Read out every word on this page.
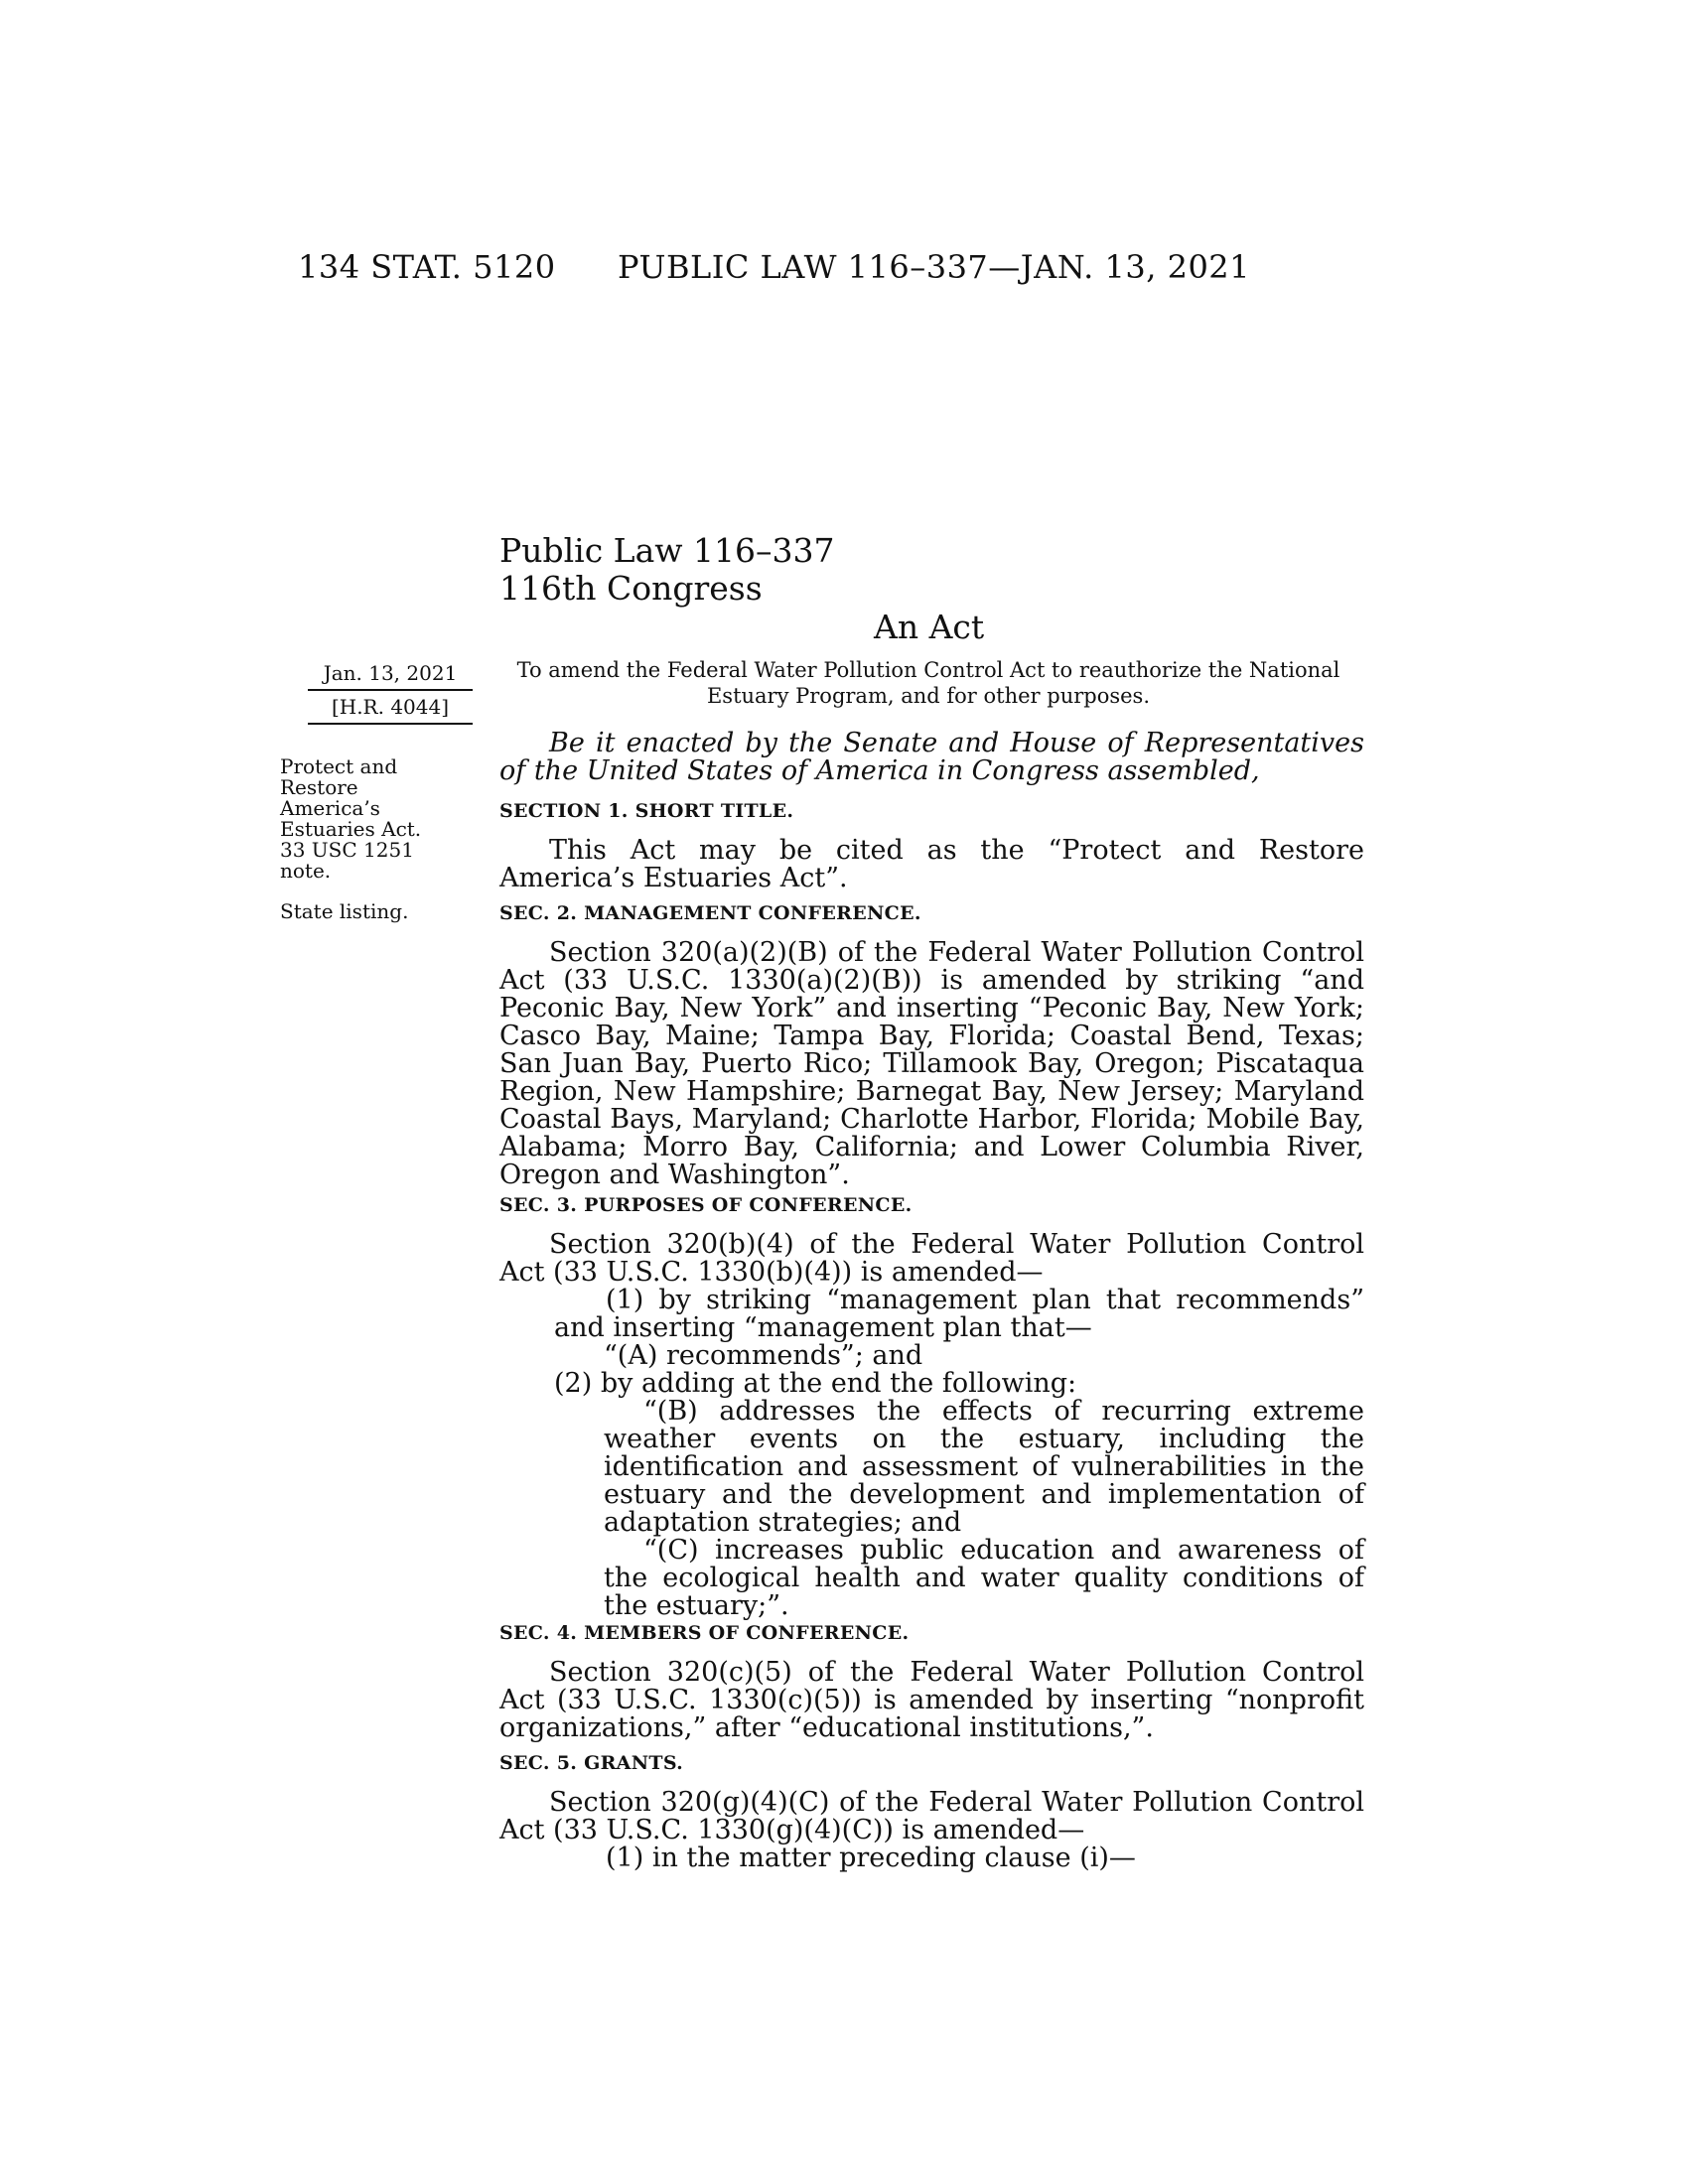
134 STAT. 5120 PUBLIC LAW 116–337—JAN. 13, 2021
Public Law 116–337
116th Congress
An Act
Jan. 13, 2021
[H.R. 4044]
Protect and
Restore
America’s
Estuaries Act.
33 USC 1251
note.
State listing.
To amend the Federal Water Pollution Control Act to reauthorize the National
Estuary Program, and for other purposes.
Be it enacted by the Senate and House of Representatives of the United States of America in Congress assembled,

SECTION 1. SHORT TITLE.

This Act may be cited as the “Protect and Restore America’s Estuaries Act”.

SEC. 2. MANAGEMENT CONFERENCE.

Section 320(a)(2)(B) of the Federal Water Pollution Control Act (33 U.S.C. 1330(a)(2)(B)) is amended by striking “and Peconic Bay, New York” and inserting “Peconic Bay, New York; Casco Bay, Maine; Tampa Bay, Florida; Coastal Bend, Texas; San Juan Bay, Puerto Rico; Tillamook Bay, Oregon; Piscataqua Region, New Hampshire; Barnegat Bay, New Jersey; Maryland Coastal Bays, Maryland; Charlotte Harbor, Florida; Mobile Bay, Alabama; Morro Bay, California; and Lower Columbia River, Oregon and Washington”.

SEC. 3. PURPOSES OF CONFERENCE.

Section 320(b)(4) of the Federal Water Pollution Control Act (33 U.S.C. 1330(b)(4)) is amended—

(1) by striking “management plan that recommends” and inserting “management plan that—

“(A) recommends”; and

(2) by adding at the end the following:

“(B) addresses the effects of recurring extreme weather events on the estuary, including the identification and assessment of vulnerabilities in the estuary and the development and implementation of adaptation strategies; and

“(C) increases public education and awareness of the ecological health and water quality conditions of the estuary;”.

SEC. 4. MEMBERS OF CONFERENCE.

Section 320(c)(5) of the Federal Water Pollution Control Act (33 U.S.C. 1330(c)(5)) is amended by inserting “nonprofit organizations,” after “educational institutions,”.

SEC. 5. GRANTS.

Section 320(g)(4)(C) of the Federal Water Pollution Control Act (33 U.S.C. 1330(g)(4)(C)) is amended—

(1) in the matter preceding clause (i)—
